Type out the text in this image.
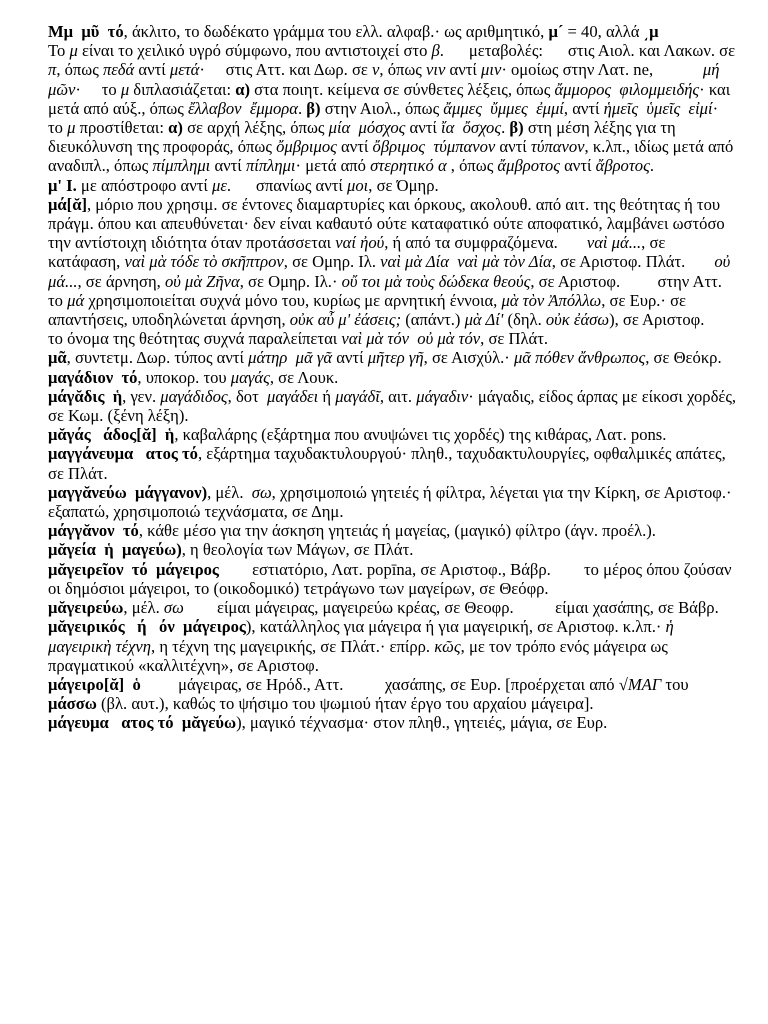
Μμ  μῦ  τό, άκλιτο, το δωδέκατο γράμμα του ελλ. αλφαβ.· ως αριθμητικό, μ´ = 40, αλλά ͵μ                      Το μ είναι το χειλικό υγρό σύμφωνο, που αντιστοιχεί στο β.      μεταβολές:      στις Αιολ. και Λακων. σε π, όπως πεδά αντί μετά·     στις Αττ. και Δωρ. σε ν, όπως νιν αντί μιν· ομοίως στην Λατ. ne,            μή  μῶν·     το μ διπλασιάζεται: α) στα ποιητ. κείμενα σε σύνθετες λέξεις, όπως ἄμμορος  φιλομμειδής· και μετά από αύξ., όπως ἔλλαβον  ἔμμορα. β) στην Αιολ., όπως ἄμμες  ὔμμες  ἐμμί, αντί ἡμεῖς  ὑμεῖς  εἰμί·      το μ προστίθεται: α) σε αρχή λέξης, όπως μία  μόσχος αντί ἴα  ὄσχος. β) στη μέση λέξης για τη διευκόλυνση της προφοράς, όπως ὄμβριμος αντί ὄβριμος  τύμπανον αντί τύπανον, κ.λπ., ιδίως μετά από αναδιπλ., όπως πίμπλημι αντί πίπλημι· μετά από στερητικό α , όπως ἄμβροτος αντί ἄβροτος.

μ' I. με απόστροφο αντί με.      σπανίως αντί μοι, σε Όμηρ.

μά[ᾰ], μόριο που χρησιμ. σε έντονες διαμαρτυρίες και όρκους, ακολουθ. από αιτ. της θεότητας ή του πράγμ. όπου και απευθύνεται· δεν είναι καθαυτό ούτε καταφατικό ούτε αποφατικό, λαμβάνει ωστόσο την αντίστοιχη ιδιότητα όταν προτάσσεται ναί ἠού, ή από τα συμφραζόμενα.       ναὶ μά..., σε κατάφαση, ναὶ μὰ τόδε τὸ σκῆπτρον, σε Ομηρ. Ιλ. ναὶ μὰ Δία  ναὶ μὰ τὸν Δία, σε Αριστοφ. Πλάτ.       οὐ μά..., σε άρνηση, οὐ μὰ Ζῆνα, σε Ομηρ. Ιλ.· οὔ τοι μὰ τοὺς δώδεκα θεούς, σε Αριστοφ.         στην Αττ. το μά χρησιμοποιείται συχνά μόνο του, κυρίως με αρνητική έννοια, μὰ τὸν Ἀπόλλω, σε Ευρ.· σε απαντήσεις, υποδηλώνεται άρνηση, οὐκ αὖ μ' ἐάσεις; (απάντ.) μὰ Δί' (δηλ. οὐκ ἐάσω), σε Αριστοφ.         το όνομα της θεότητας συχνά παραλείπεται ναὶ μὰ τόν  οὐ μὰ τόν, σε Πλάτ.

μᾶ, συντετμ. Δωρ. τύπος αντί μάτηρ  μᾶ γᾶ αντί μῆτερ γῆ, σε Αισχύλ.· μᾶ πόθεν ἄνθρωπος, σε Θεόκρ.

μαγάδιον  τό, υποκορ. του μαγάς, σε Λουκ.

μάγᾰδις  ἡ, γεν. μαγάδιδος, δοτ  μαγάδει ή μαγάδῖ, αιτ. μάγαδιν· μάγαδις, είδος άρπας με είκοσι χορδές, σε Κωμ. (ξένη λέξη).

μᾰγάς   άδος[ᾰ]  ἡ, καβαλάρης (εξάρτημα που ανυψώνει τις χορδές) της κιθάρας, Λατ. pons.

μαγγάνευμα   ατος τό, εξάρτημα ταχυδακτυλουργού· πληθ., ταχυδακτυλουργίες, οφθαλμικές απάτες, σε Πλάτ.

μαγγᾰνεύω  μάγγανον), μέλ.  σω, χρησιμοποιώ γητειές ή φίλτρα, λέγεται για την Κίρκη, σε Αριστοφ.· εξαπατώ, χρησιμοποιώ τεχνάσματα, σε Δημ.

μάγγᾰνον  τό, κάθε μέσο για την άσκηση γητειάς ή μαγείας, (μαγικό) φίλτρο (άγν. προέλ.).

μᾰγεία  ἡ  μαγεύω), η θεολογία των Μάγων, σε Πλάτ.

μᾰγειρεῖον  τό  μάγειρος        εστιατόριο, Λατ. popīna, σε Αριστοφ., Βάβρ.        το μέρος όπου ζούσαν οι δημόσιοι μάγειροι, το (οικοδομικό) τετράγωνο των μαγείρων, σε Θεόφρ.

μᾰγειρεύω, μέλ. σω        είμαι μάγειρας, μαγειρεύω κρέας, σε Θεοφρ.          είμαι χασάπης, σε Βάβρ.

μᾰγειρικός   ή   όν  μάγειρος), κατάλληλος για μάγειρα ή για μαγειρική, σε Αριστοφ. κ.λπ.· ἡ μαγειρικὴ τέχνη, η τέχνη της μαγειρικής, σε Πλάτ.· επίρρ. κῶς, με τον τρόπο ενός μάγειρα ως πραγματικού «καλλιτέχνη», σε Αριστοφ.

μάγειρο[ᾰ]  ὁ         μάγειρας, σε Ηρόδ., Αττ.          χασάπης, σε Ευρ. [προέρχεται από √ΜΑΓ του μάσσω (βλ. αυτ.), καθώς το ψήσιμο του ψωμιού ήταν έργο του αρχαίου μάγειρα].

μάγευμα   ατος τό  μᾰγεύω), μαγικό τέχνασμα· στον πληθ., γητειές, μάγια, σε Ευρ.
